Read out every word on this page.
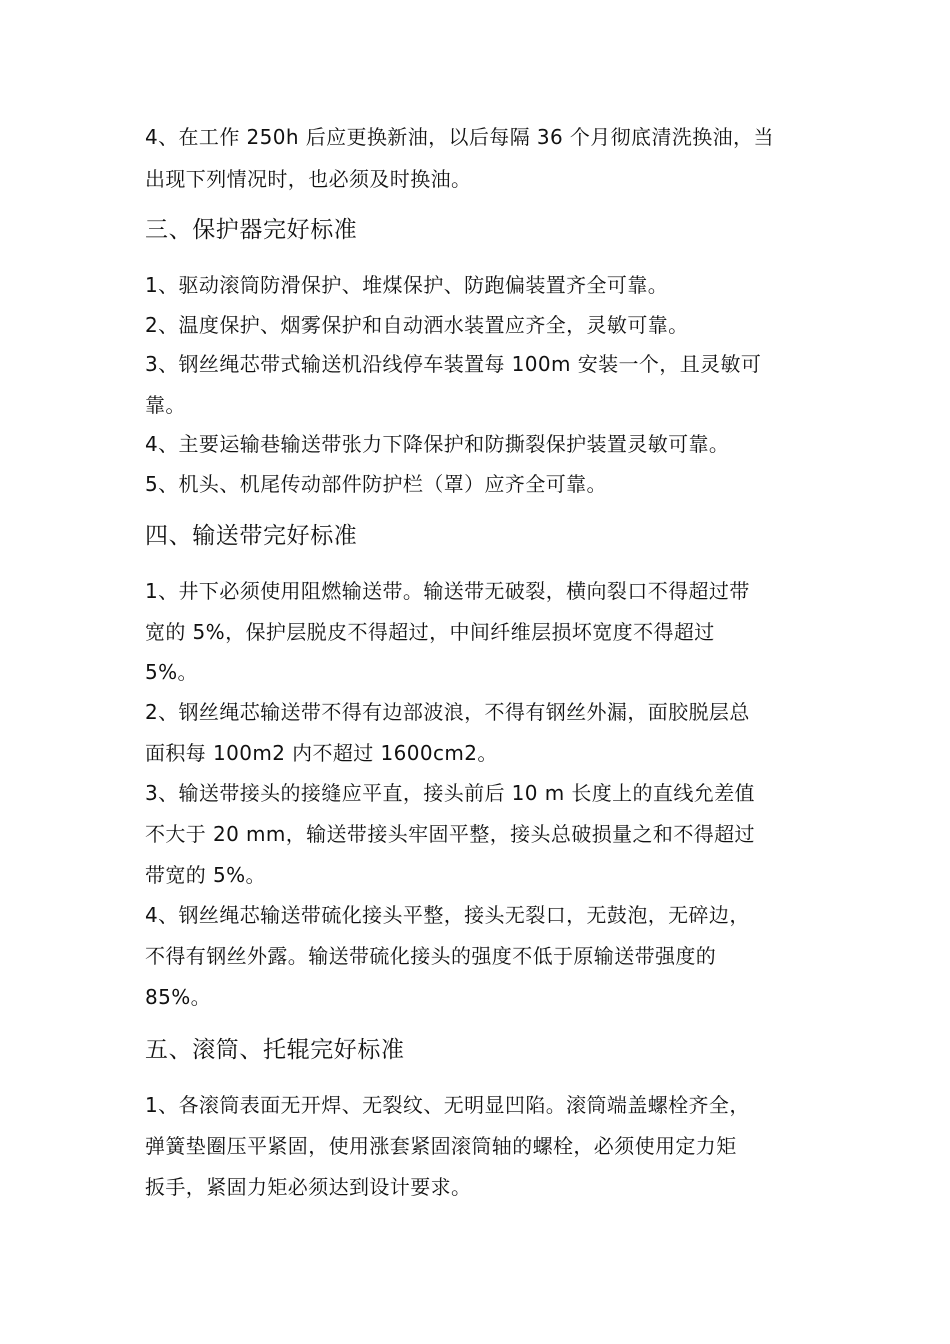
4、在工作 250h 后应更换新油，以后每隔 36 个月彻底清洗换油，当
出现下列情况时，也必须及时换油。
三、保护器完好标准
1、驱动滚筒防滑保护、堆煤保护、防跑偏装置齐全可靠。
2、温度保护、烟雾保护和自动洒水装置应齐全，灵敏可靠。
3、钢丝绳芯带式输送机沿线停车装置每 100m 安装一个，且灵敏可
靠。
4、主要运输巷输送带张力下降保护和防撕裂保护装置灵敏可靠。
5、机头、机尾传动部件防护栏（罩）应齐全可靠。
四、输送带完好标准
1、井下必须使用阻燃输送带。输送带无破裂，横向裂口不得超过带
宽的 5%，保护层脱皮不得超过，中间纤维层损坏宽度不得超过
5%。
2、钢丝绳芯输送带不得有边部波浪，不得有钢丝外漏，面胶脱层总
面积每 100m2 内不超过 1600cm2。
3、输送带接头的接缝应平直，接头前后 10 m 长度上的直线允差值
不大于 20 mm，输送带接头牢固平整，接头总破损量之和不得超过
带宽的 5%。
4、钢丝绳芯输送带硫化接头平整，接头无裂口，无鼓泡，无碎边，
不得有钢丝外露。输送带硫化接头的强度不低于原输送带强度的
85%。
五、滚筒、托辊完好标准
1、各滚筒表面无开焊、无裂纹、无明显凹陷。滚筒端盖螺栓齐全，
弹簧垫圈压平紧固，使用涨套紧固滚筒轴的螺栓，必须使用定力矩
扳手，紧固力矩必须达到设计要求。
